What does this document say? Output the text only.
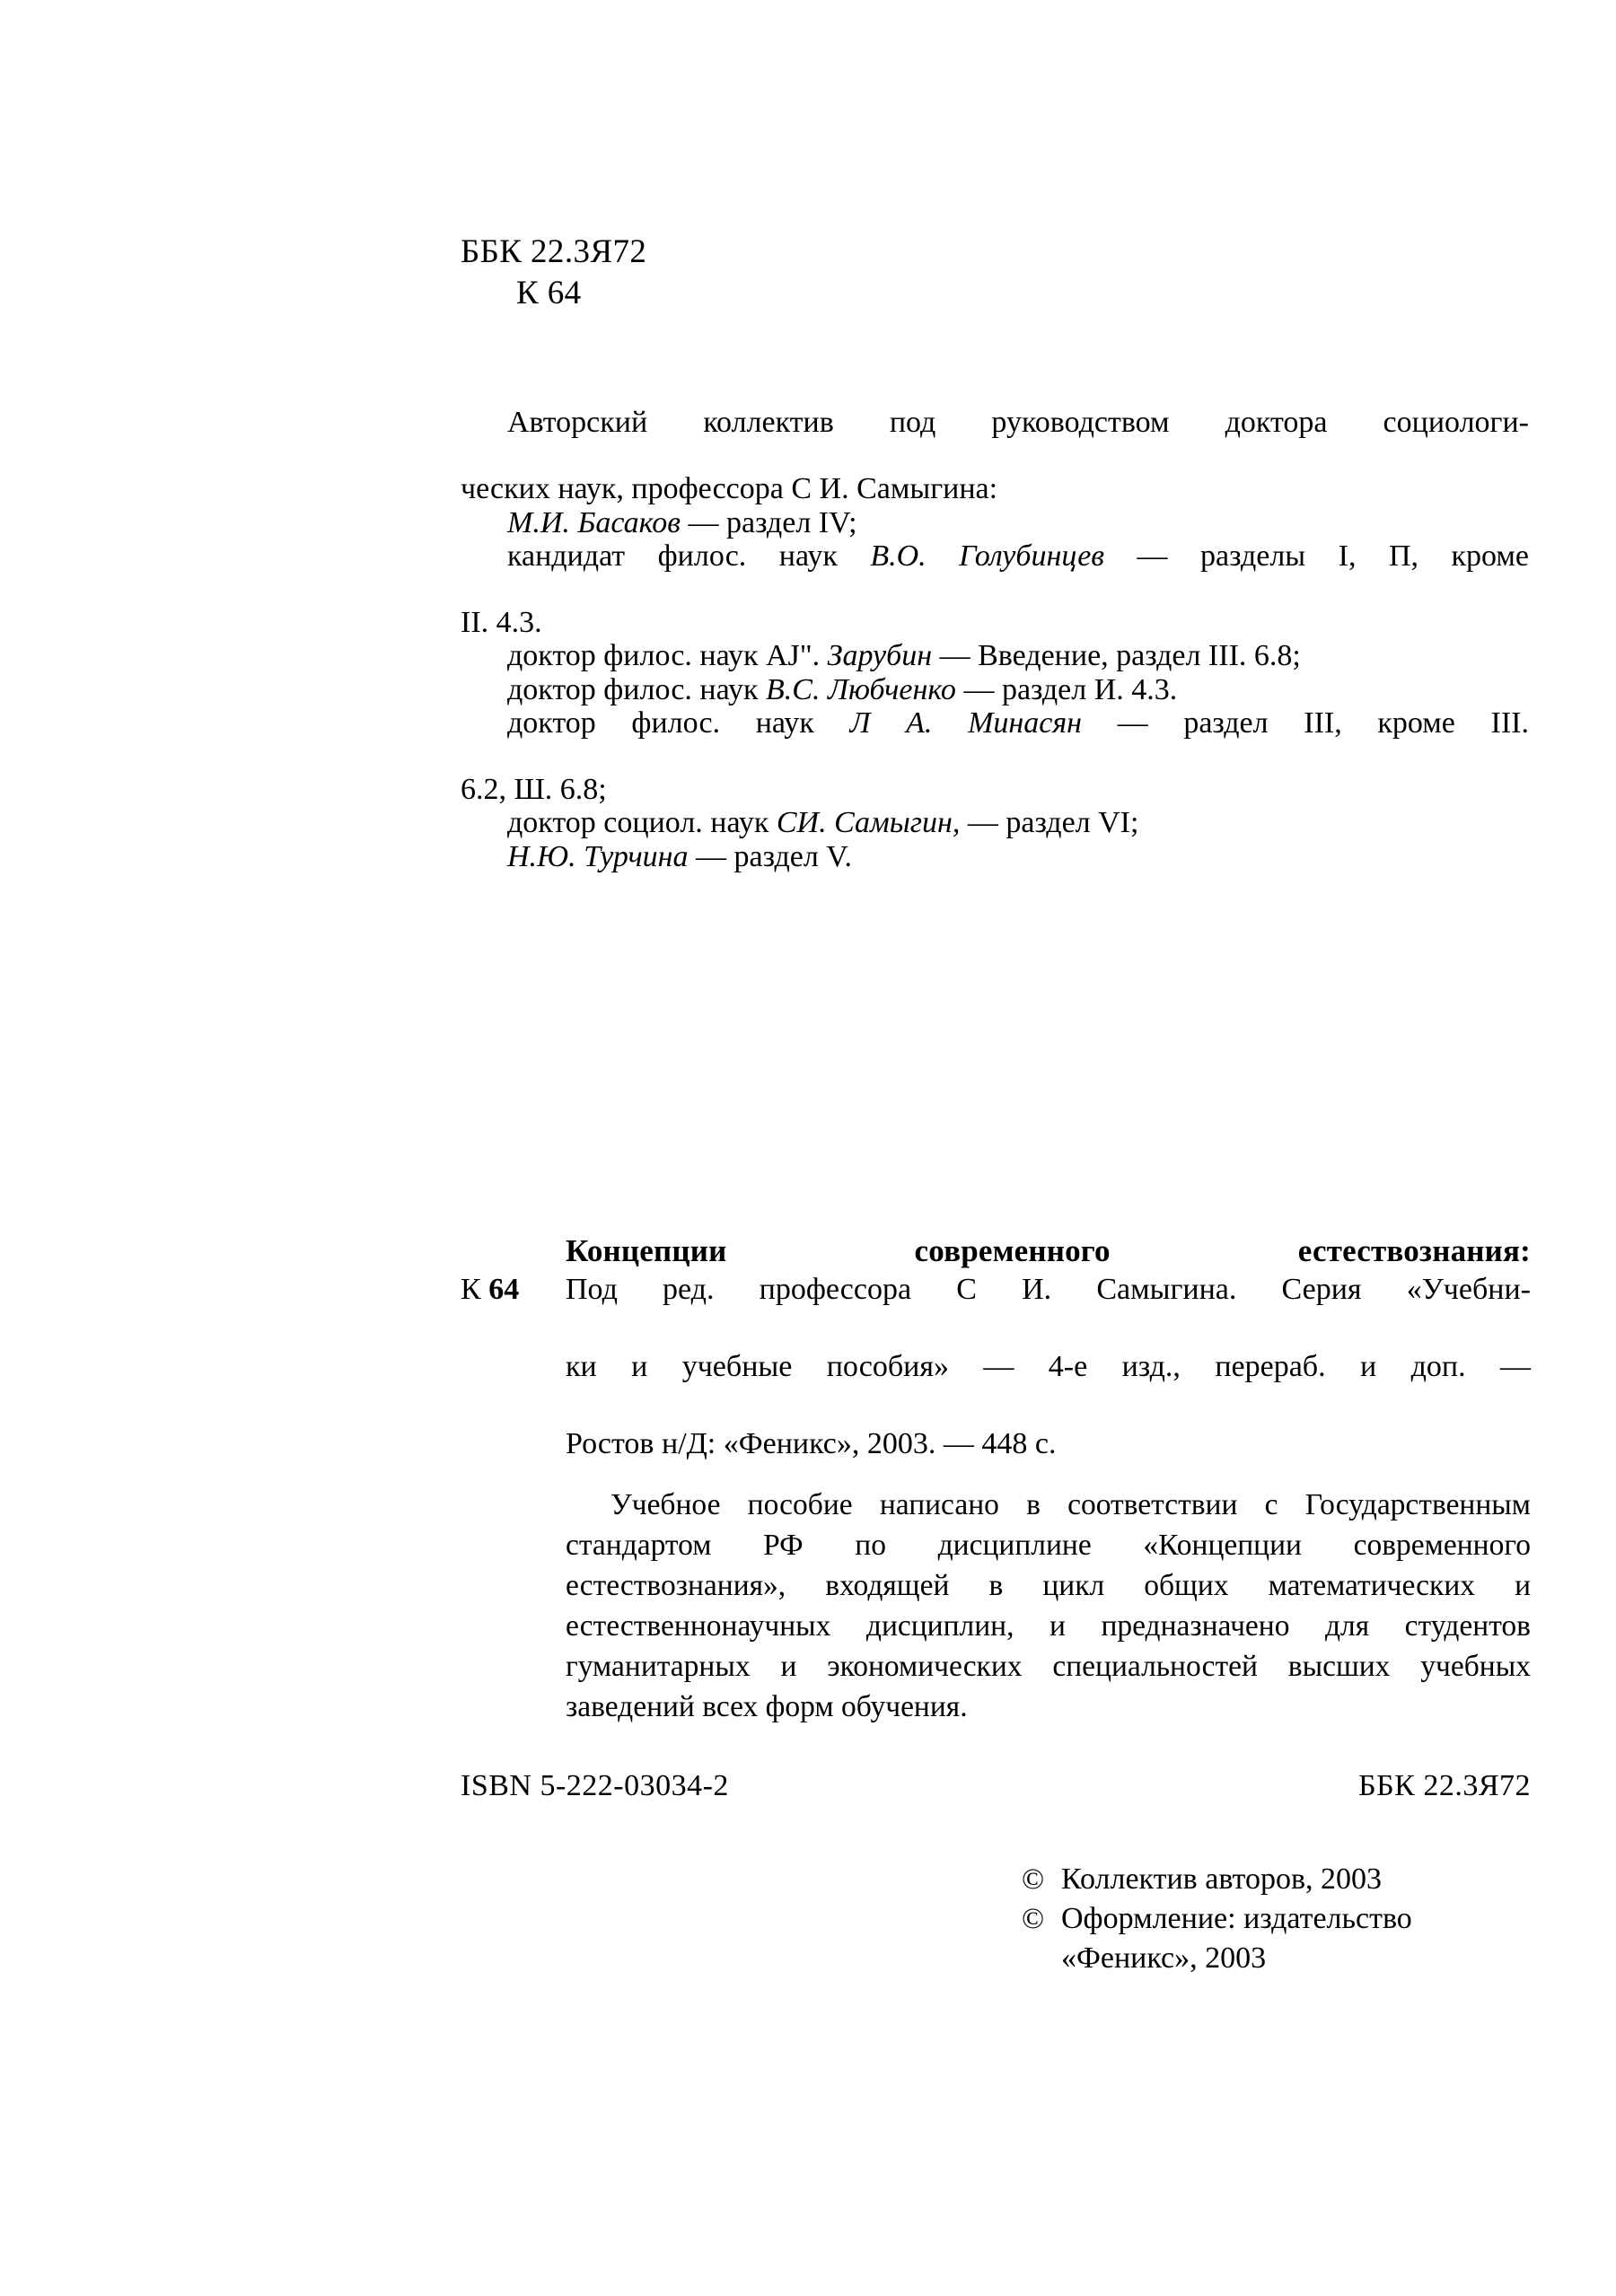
ББК 22.3Я72
К 64
Авторский коллектив под руководством доктора социологи-
ческих наук, профессора С И. Самыгина:
М.И. Басаков — раздел IV;
кандидат филос. наук В.О. Голубинцев — разделы I, П, кроме
II. 4.3.
доктор филос. наук AJ". Зарубин — Введение, раздел III. 6.8;
доктор филос. наук В.С. Любченко — раздел И. 4.3.
доктор филос. наук Л А. Минасян — раздел III, кроме III.
6.2, Ш. 6.8;
доктор социол. наук СИ. Самыгин, — раздел VI;
Н.Ю. Турчина — раздел V.
Концепции	современного	естествознания:
К 64	Под ред. профессора С И. Самыгина. Серия «Учебни-
ки и учебные пособия» — 4-е изд., перераб. и доп. —
Ростов н/Д: «Феникс», 2003. — 448 с.

Учебное пособие написано в соответствии с Государственным стандартом РФ по дисциплине «Концепции современного естествознания», входящей в цикл общих математических и естественнонаучных дисциплин, и предназначено для студентов гуманитарных и экономических специальностей высших учебных заведений всех форм обучения.

ISBN 5-222-03034-2	ББК 22.3Я72
© Коллектив авторов, 2003
© Оформление: издательство
«Феникс», 2003
